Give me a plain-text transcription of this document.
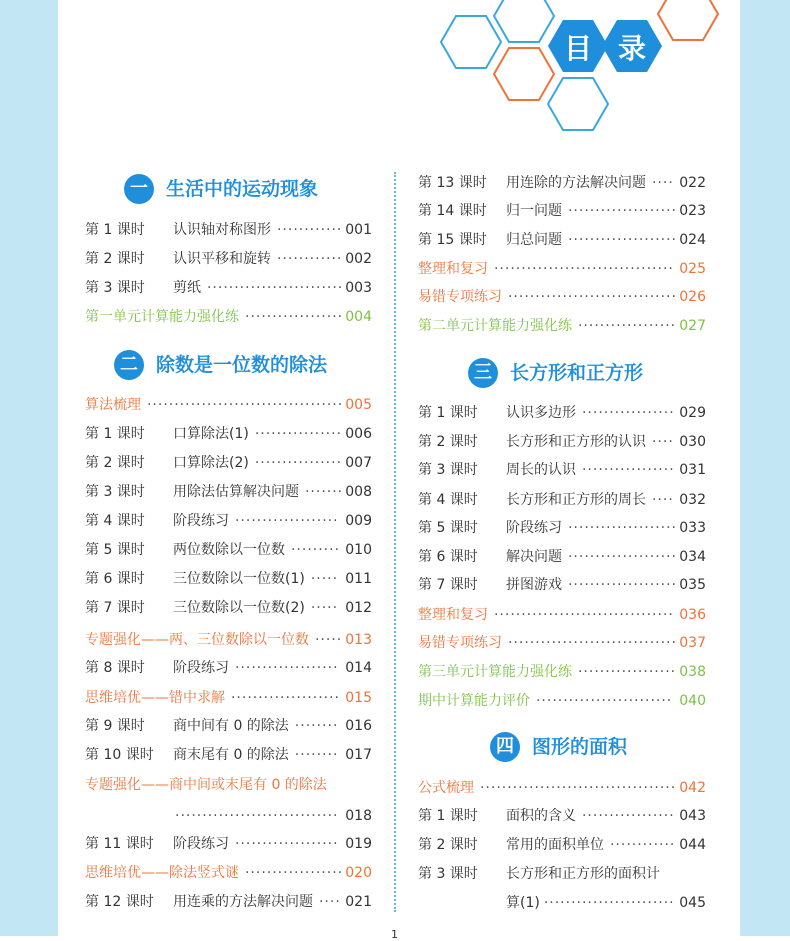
目 录
一 生活中的运动现象
二 除数是一位数的除法	三 长方形和正方形
四 图形的面积
第 1 课时 认识轴对称图形 ············ 001
第 2 课时 认识平移和旋转 ············ 002
第 3 课时 剪纸 ························· 003
第一单元计算能力强化练 ·················· 004
算法梳理 ···································· 005
第 1 课时 口算除法(1) ················ 006
第 2 课时 口算除法(2) ················ 007
第 3 课时 用除法估算解决问题 ······· 008
第 4 课时 阶段练习 ··················· 009
第 5 课时 两位数除以一位数 ········· 010
第 6 课时 三位数除以一位数(1) ····· 011
第 7 课时 三位数除以一位数(2) ····· 012
专题强化——两、三位数除以一位数 ····· 013
第 8 课时 阶段练习 ··················· 014
思维培优——错中求解 ···················· 015
第 9 课时 商中间有 0 的除法 ········ 016
第 10 课时 商末尾有 0 的除法 ········ 017
专题强化——商中间或末尾有 0 的除法
······························ 018
第 11 课时 阶段练习 ··················· 019
思维培优——除法竖式谜 ·················· 020
第 12 课时 用连乘的方法解决问题 ···· 021
第 13 课时 用连除的方法解决问题 ···· 022
第 14 课时 归一问题 ···················· 023
第 15 课时 归总问题 ···················· 024
整理和复习 ································· 025
易错专项练习 ······························· 026
第二单元计算能力强化练 ·················· 027
第 1 课时 认识多边形 ················· 029
第 2 课时 长方形和正方形的认识 ···· 030
第 3 课时 周长的认识 ················· 031
第 4 课时 长方形和正方形的周长 ···· 032
第 5 课时 阶段练习 ···················· 033
第 6 课时 解决问题 ···················· 034
第 7 课时 拼图游戏 ···················· 035
整理和复习 ································· 036
易错专项练习 ······························· 037
第三单元计算能力强化练 ·················· 038
期中计算能力评价 ························· 040
公式梳理 ···································· 042
第 1 课时 面积的含义 ················· 043
第 2 课时 常用的面积单位 ············ 044
第 3 课时 长方形和正方形的面积计
算(1) ························ 045
1
